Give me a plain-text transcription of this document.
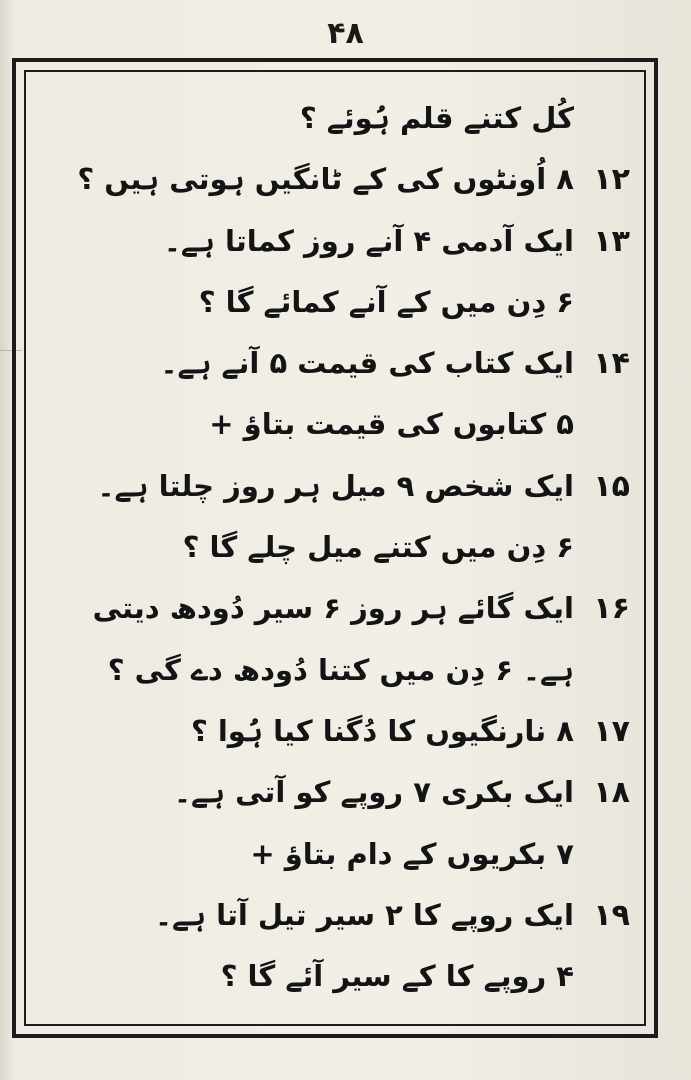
۴۸
کُل کتنے قلم ہُوئے ؟
۱۲
۸ اُونٹوں کی کے ٹانگیں ہوتی ہیں ؟
۱۳
ایک آدمی ۴ آنے روز کماتا ہے۔
۶ دِن میں کے آنے کمائے گا ؟
۱۴
ایک کتاب کی قیمت ۵ آنے ہے۔
۵ کتابوں کی قیمت بتاؤ +
۱۵
ایک شخص ۹ میل ہر روز چلتا ہے۔
۶ دِن میں کتنے میل چلے گا ؟
۱۶
ایک گائے ہر روز ۶ سیر دُودھ دیتی
ہے۔ ۶ دِن میں کتنا دُودھ دے گی ؟
۱۷
۸ نارنگیوں کا دُگنا کیا ہُوا ؟
۱۸
ایک بکری ۷ روپے کو آتی ہے۔
۷ بکریوں کے دام بتاؤ +
۱۹
ایک روپے کا ۲ سیر تیل آتا ہے۔
۴ روپے کا کے سیر آئے گا ؟
